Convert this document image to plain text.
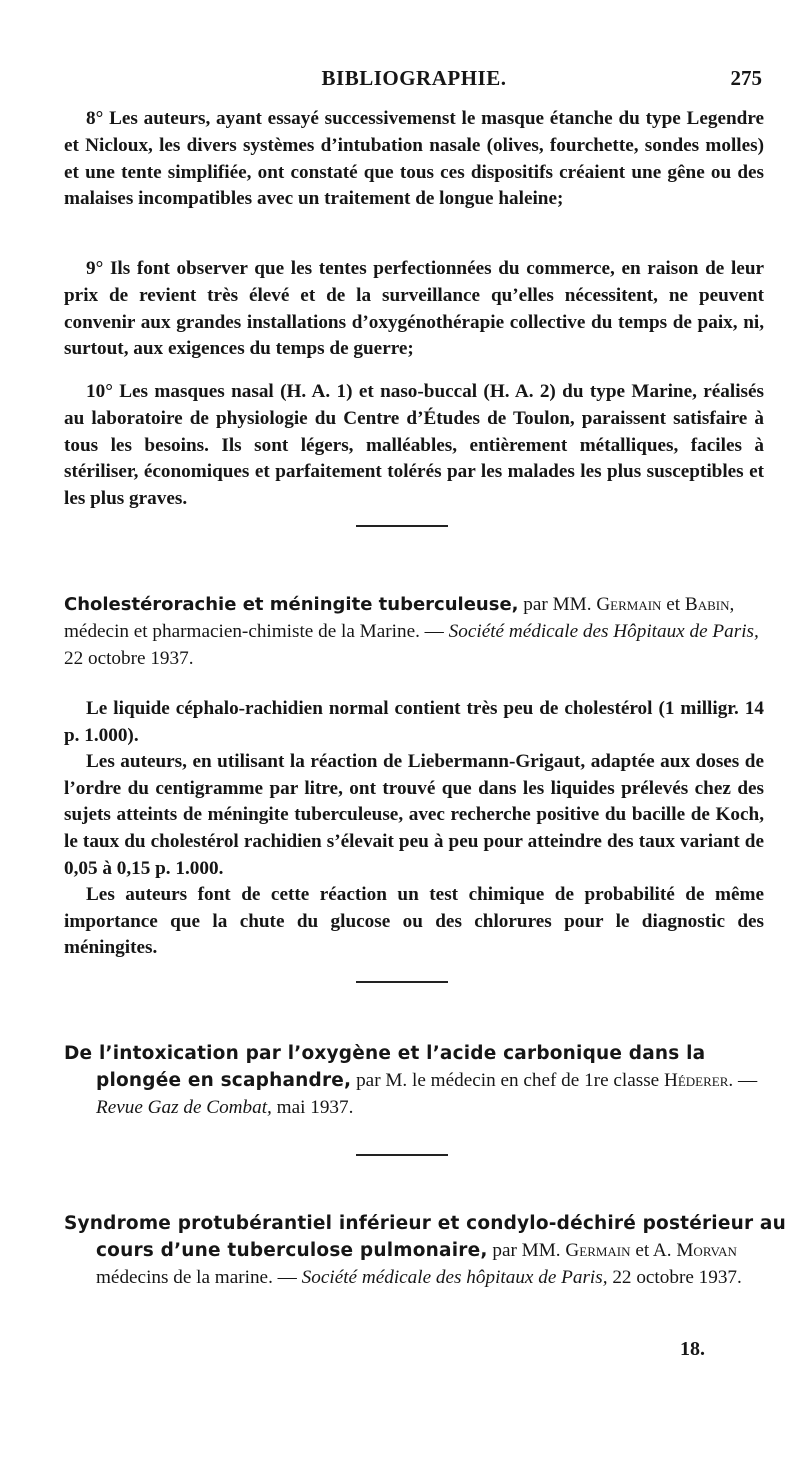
BIBLIOGRAPHIE.	275

8° Les auteurs, ayant essayé successivemenst le masque étanche du type Legendre et Nicloux, les divers systèmes d’intubation nasale (olives, fourchette, sondes molles) et une tente simplifiée, ont constaté que tous ces dispositifs créaient une gêne ou des malaises incompatibles avec un traitement de longue haleine;

9° Ils font observer que les tentes perfectionnées du commerce, en raison de leur prix de revient très élevé et de la surveillance qu’elles nécessitent, ne peuvent convenir aux grandes installations d’oxygénothérapie collective du temps de paix, ni, surtout, aux exigences du temps de guerre;

10° Les masques nasal (H. A. 1) et naso-buccal (H. A. 2) du type Marine, réalisés au laboratoire de physiologie du Centre d’Études de Toulon, paraissent satisfaire à tous les besoins. Ils sont légers, malléables, entièrement métalliques, faciles à stériliser, économiques et parfaitement tolérés par les malades les plus susceptibles et les plus graves.

Cholestérorachie et méningite tuberculeuse, par MM. Germain et Babin, médecin et pharmacien-chimiste de la Marine. — Société médicale des Hôpitaux de Paris, 22 octobre 1937.

Le liquide céphalo-rachidien normal contient très peu de cholestérol (1 milligr. 14 p. 1.000).

Les auteurs, en utilisant la réaction de Liebermann-Grigaut, adaptée aux doses de l’ordre du centigramme par litre, ont trouvé que dans les liquides prélevés chez des sujets atteints de méningite tuberculeuse, avec recherche positive du bacille de Koch, le taux du cholestérol rachidien s’élevait peu à peu pour atteindre des taux variant de 0,05 à 0,15 p. 1.000.

Les auteurs font de cette réaction un test chimique de probabilité de même importance que la chute du glucose ou des chlorures pour le diagnostic des méningites.

De l’intoxication par l’oxygène et l’acide carbonique dans la plongée en scaphandre, par M. le médecin en chef de 1re classe Héderer. — Revue Gaz de Combat, mai 1937.

Syndrome protubérantiel inférieur et condylo-déchiré postérieur au cours d’une tuberculose pulmonaire, par MM. Germain et A. Morvan médecins de la marine. — Société médicale des hôpitaux de Paris, 22 octobre 1937.

18.
